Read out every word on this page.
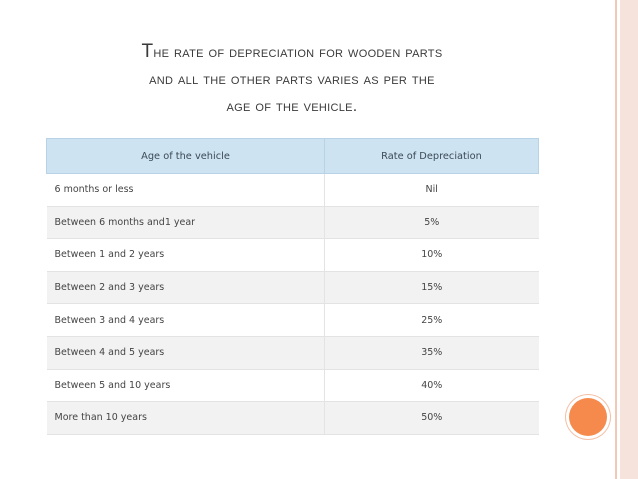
The rate of depreciation for wooden parts
and all the other parts varies as per the
age of the vehicle.
Age of the vehicle	Rate of Depreciation
6 months or less	Nil
Between 6 months and1 year	5%
Between 1 and 2 years	10%
Between 2 and 3 years	15%
Between 3 and 4 years	25%
Between 4 and 5 years	35%
Between 5 and 10 years	40%
More than 10 years	50%
